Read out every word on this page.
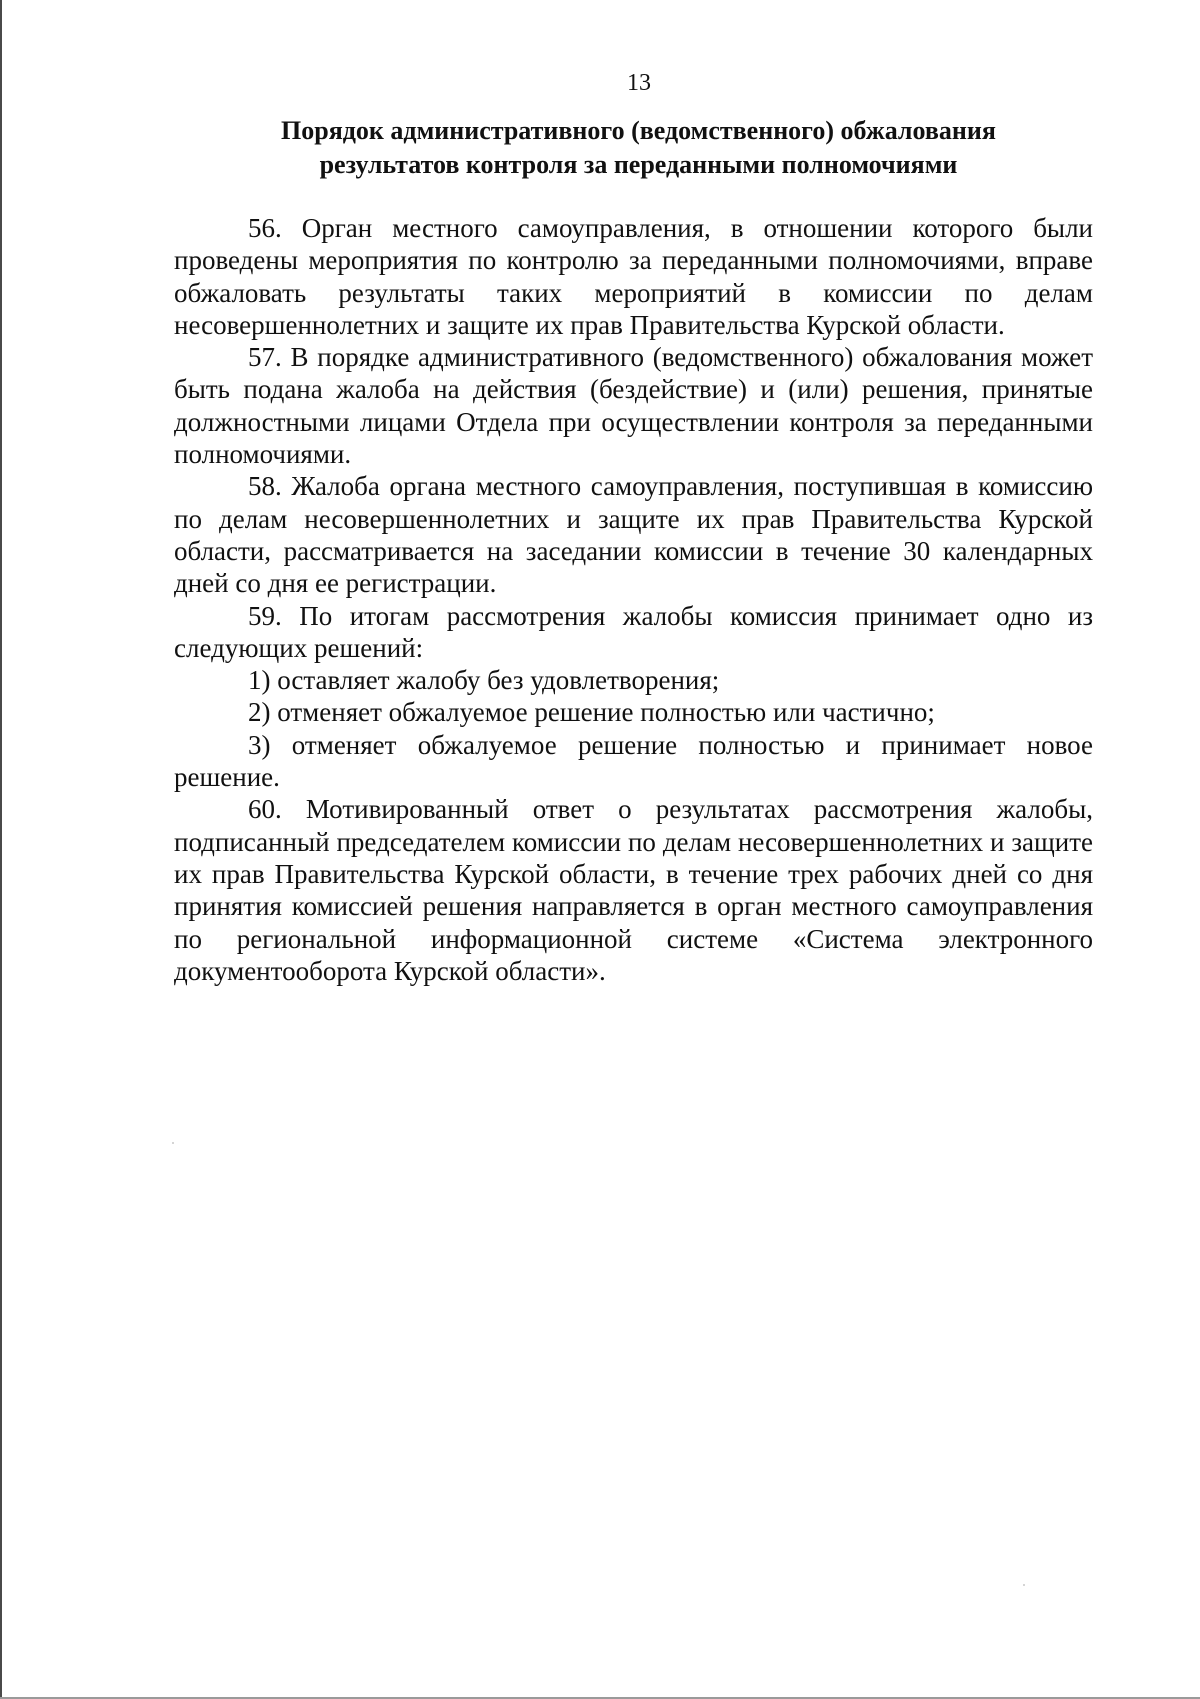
13
Порядок административного (ведомственного) обжалования
результатов контроля за переданными полномочиями

56. Орган местного самоуправления, в отношении которого были проведены мероприятия по контролю за переданными полномочиями, вправе обжаловать результаты таких мероприятий в комиссии по делам несовершеннолетних и защите их прав Правительства Курской области.

57. В порядке административного (ведомственного) обжалования может быть подана жалоба на действия (бездействие) и (или) решения, принятые должностными лицами Отдела при осуществлении контроля за переданными полномочиями.

58. Жалоба органа местного самоуправления, поступившая в комиссию по делам несовершеннолетних и защите их прав Правительства Курской области, рассматривается на заседании комиссии в течение 30 календарных дней со дня ее регистрации.

59. По итогам рассмотрения жалобы комиссия принимает одно из следующих решений:

1) оставляет жалобу без удовлетворения;

2) отменяет обжалуемое решение полностью или частично;

3) отменяет обжалуемое решение полностью и принимает новое решение.

60. Мотивированный ответ о результатах рассмотрения жалобы, подписанный председателем комиссии по делам несовершеннолетних и защите их прав Правительства Курской области, в течение трех рабочих дней со дня принятия комиссией решения направляется в орган местного самоуправления по региональной информационной системе «Система электронного документооборота Курской области».
